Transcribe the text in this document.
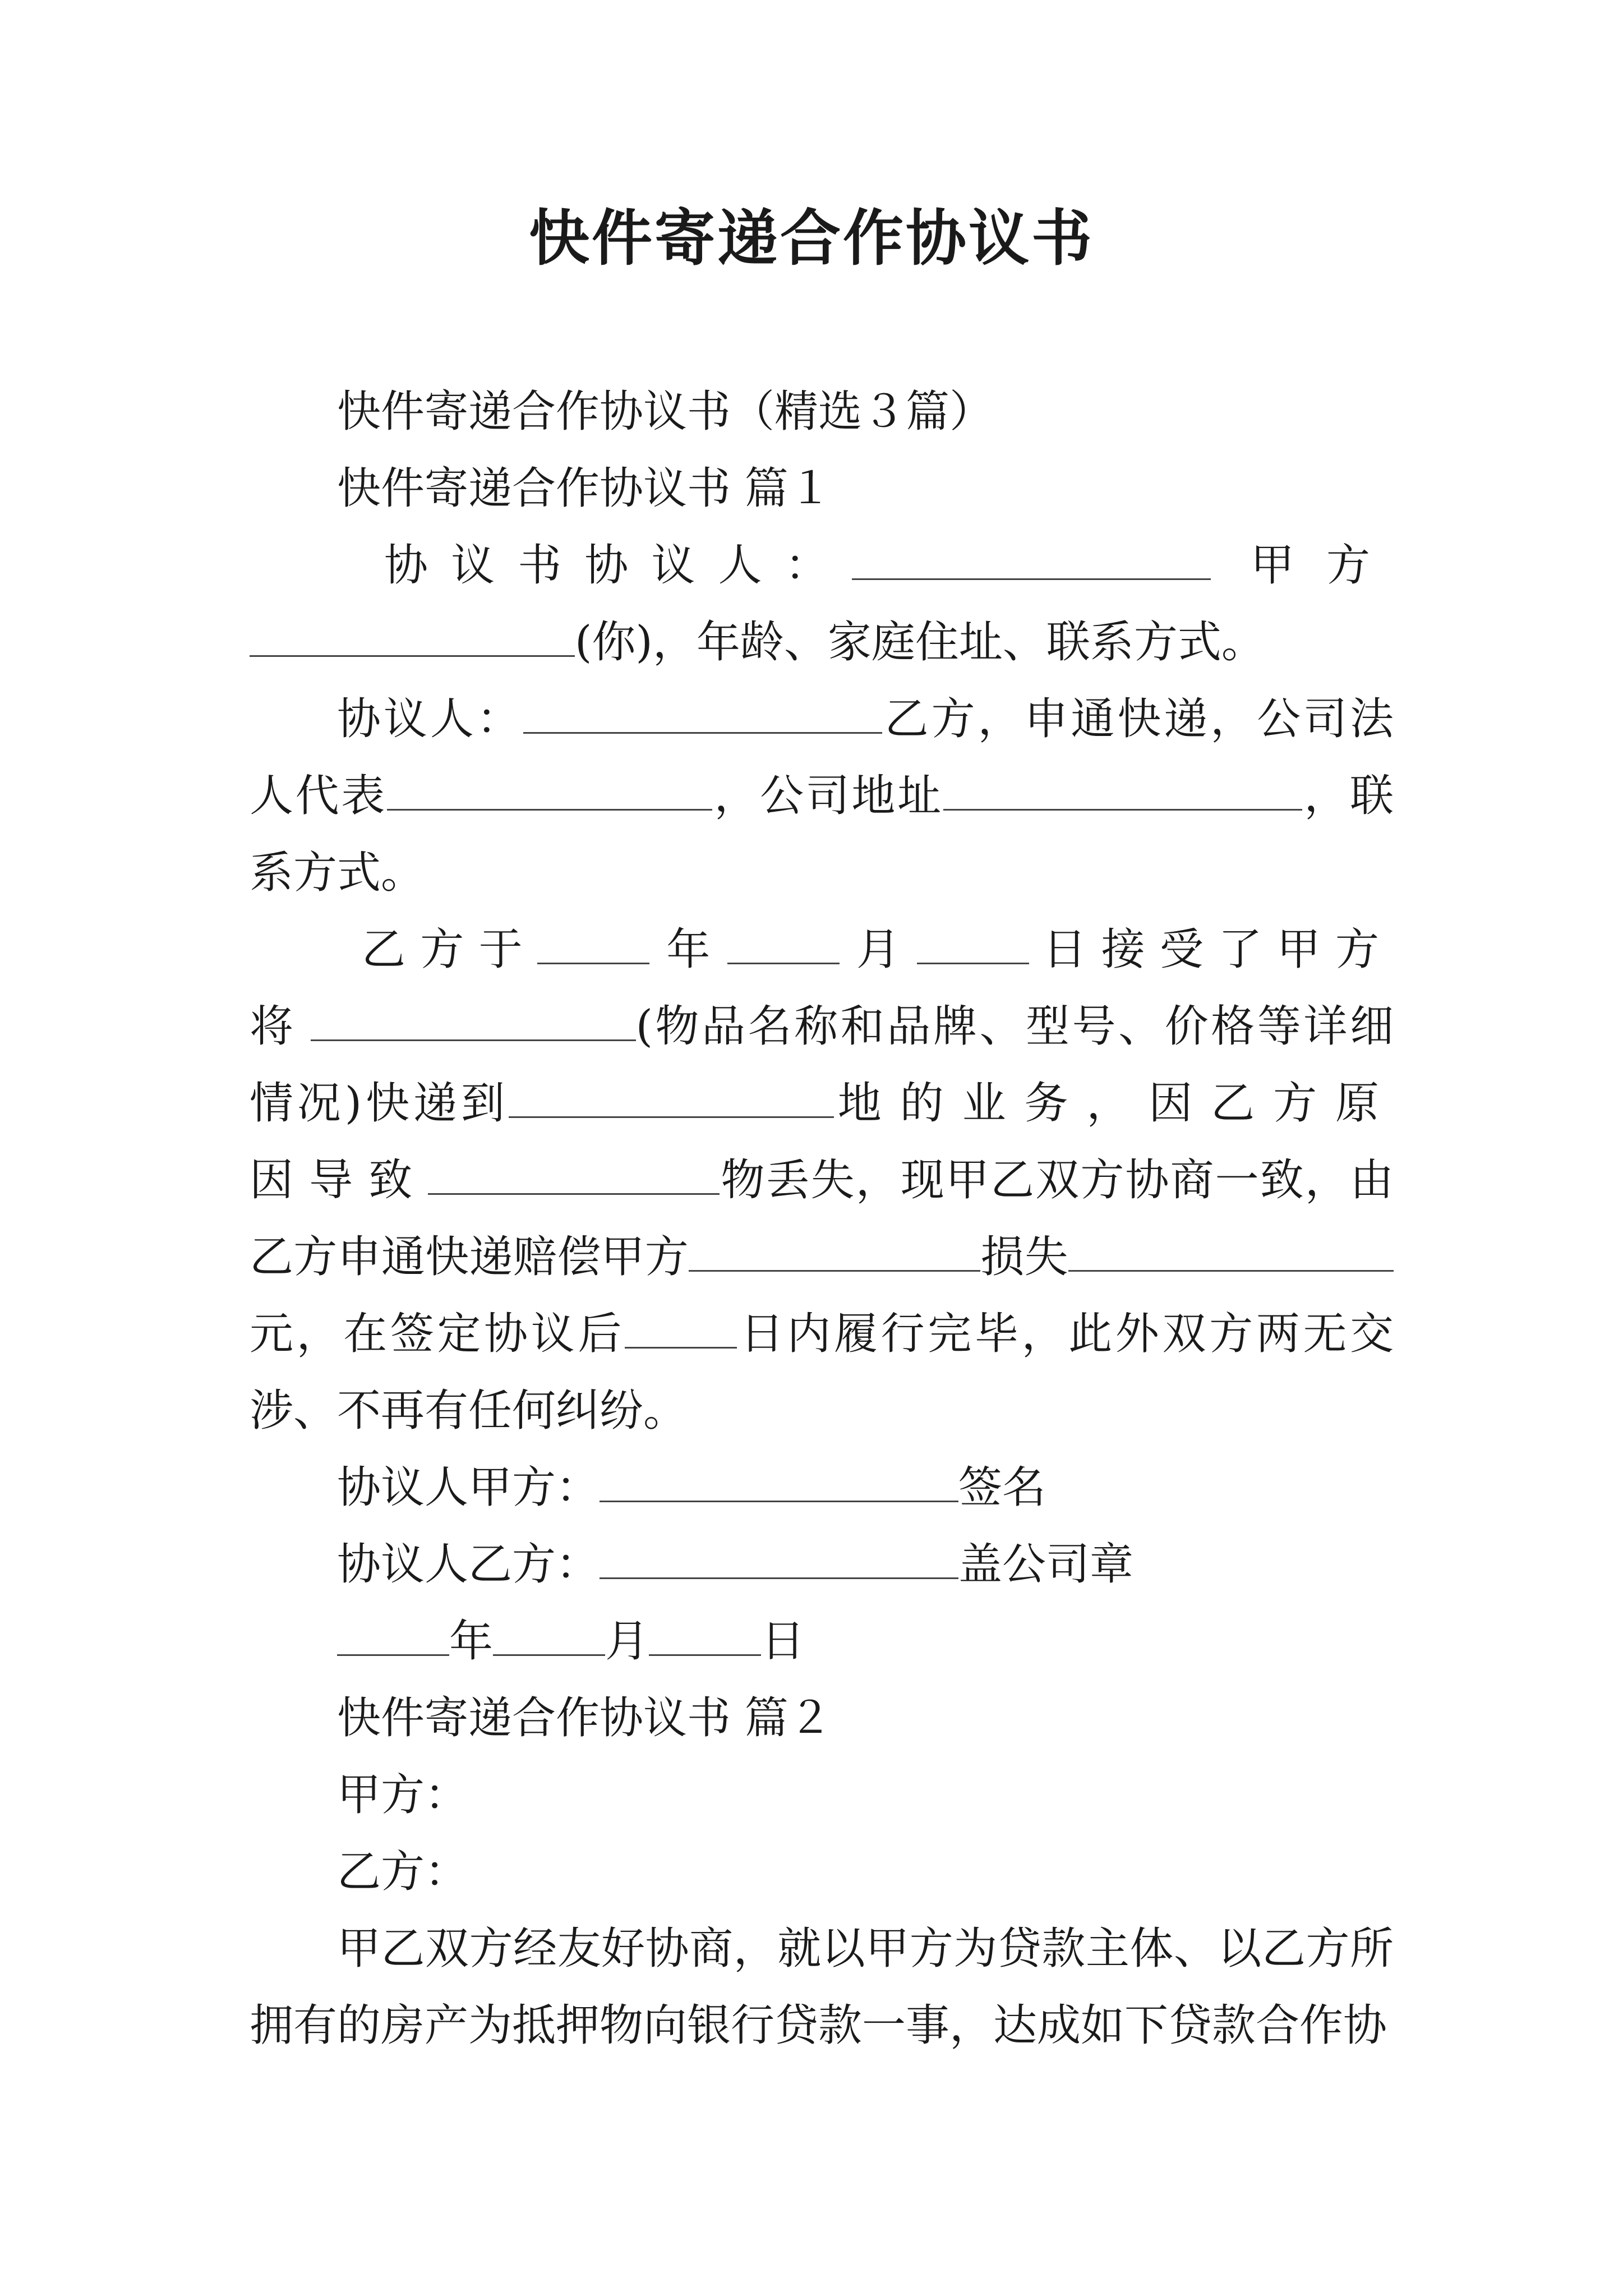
快件寄递合作协议书

快件寄递合作协议书（精选３篇）

快件寄递合作协议书 篇１

协议书协议人：	甲方(你)，年龄、家庭住址、联系方式。

协议人：	乙方，申通快递，公司法人代表	，公司地址	，联系方式。

乙方于	年	月	日接受了甲方将	(物品名称和品牌、型号、价格等详细情况)快递到	地的业务，因乙方原因导致	物丢失，现甲乙双方协商一致，由乙方申通快递赔偿甲方	损失元，在签定协议后	日内履行完毕，此外双方两无交涉、不再有任何纠纷。

协议人甲方：	签名

协议人乙方：	盖公司章

年	月	日

快件寄递合作协议书 篇２

甲方：

乙方：

甲乙双方经友好协商，就以甲方为贷款主体、以乙方所拥有的房产为抵押物向银行贷款一事，达成如下贷款合作协
